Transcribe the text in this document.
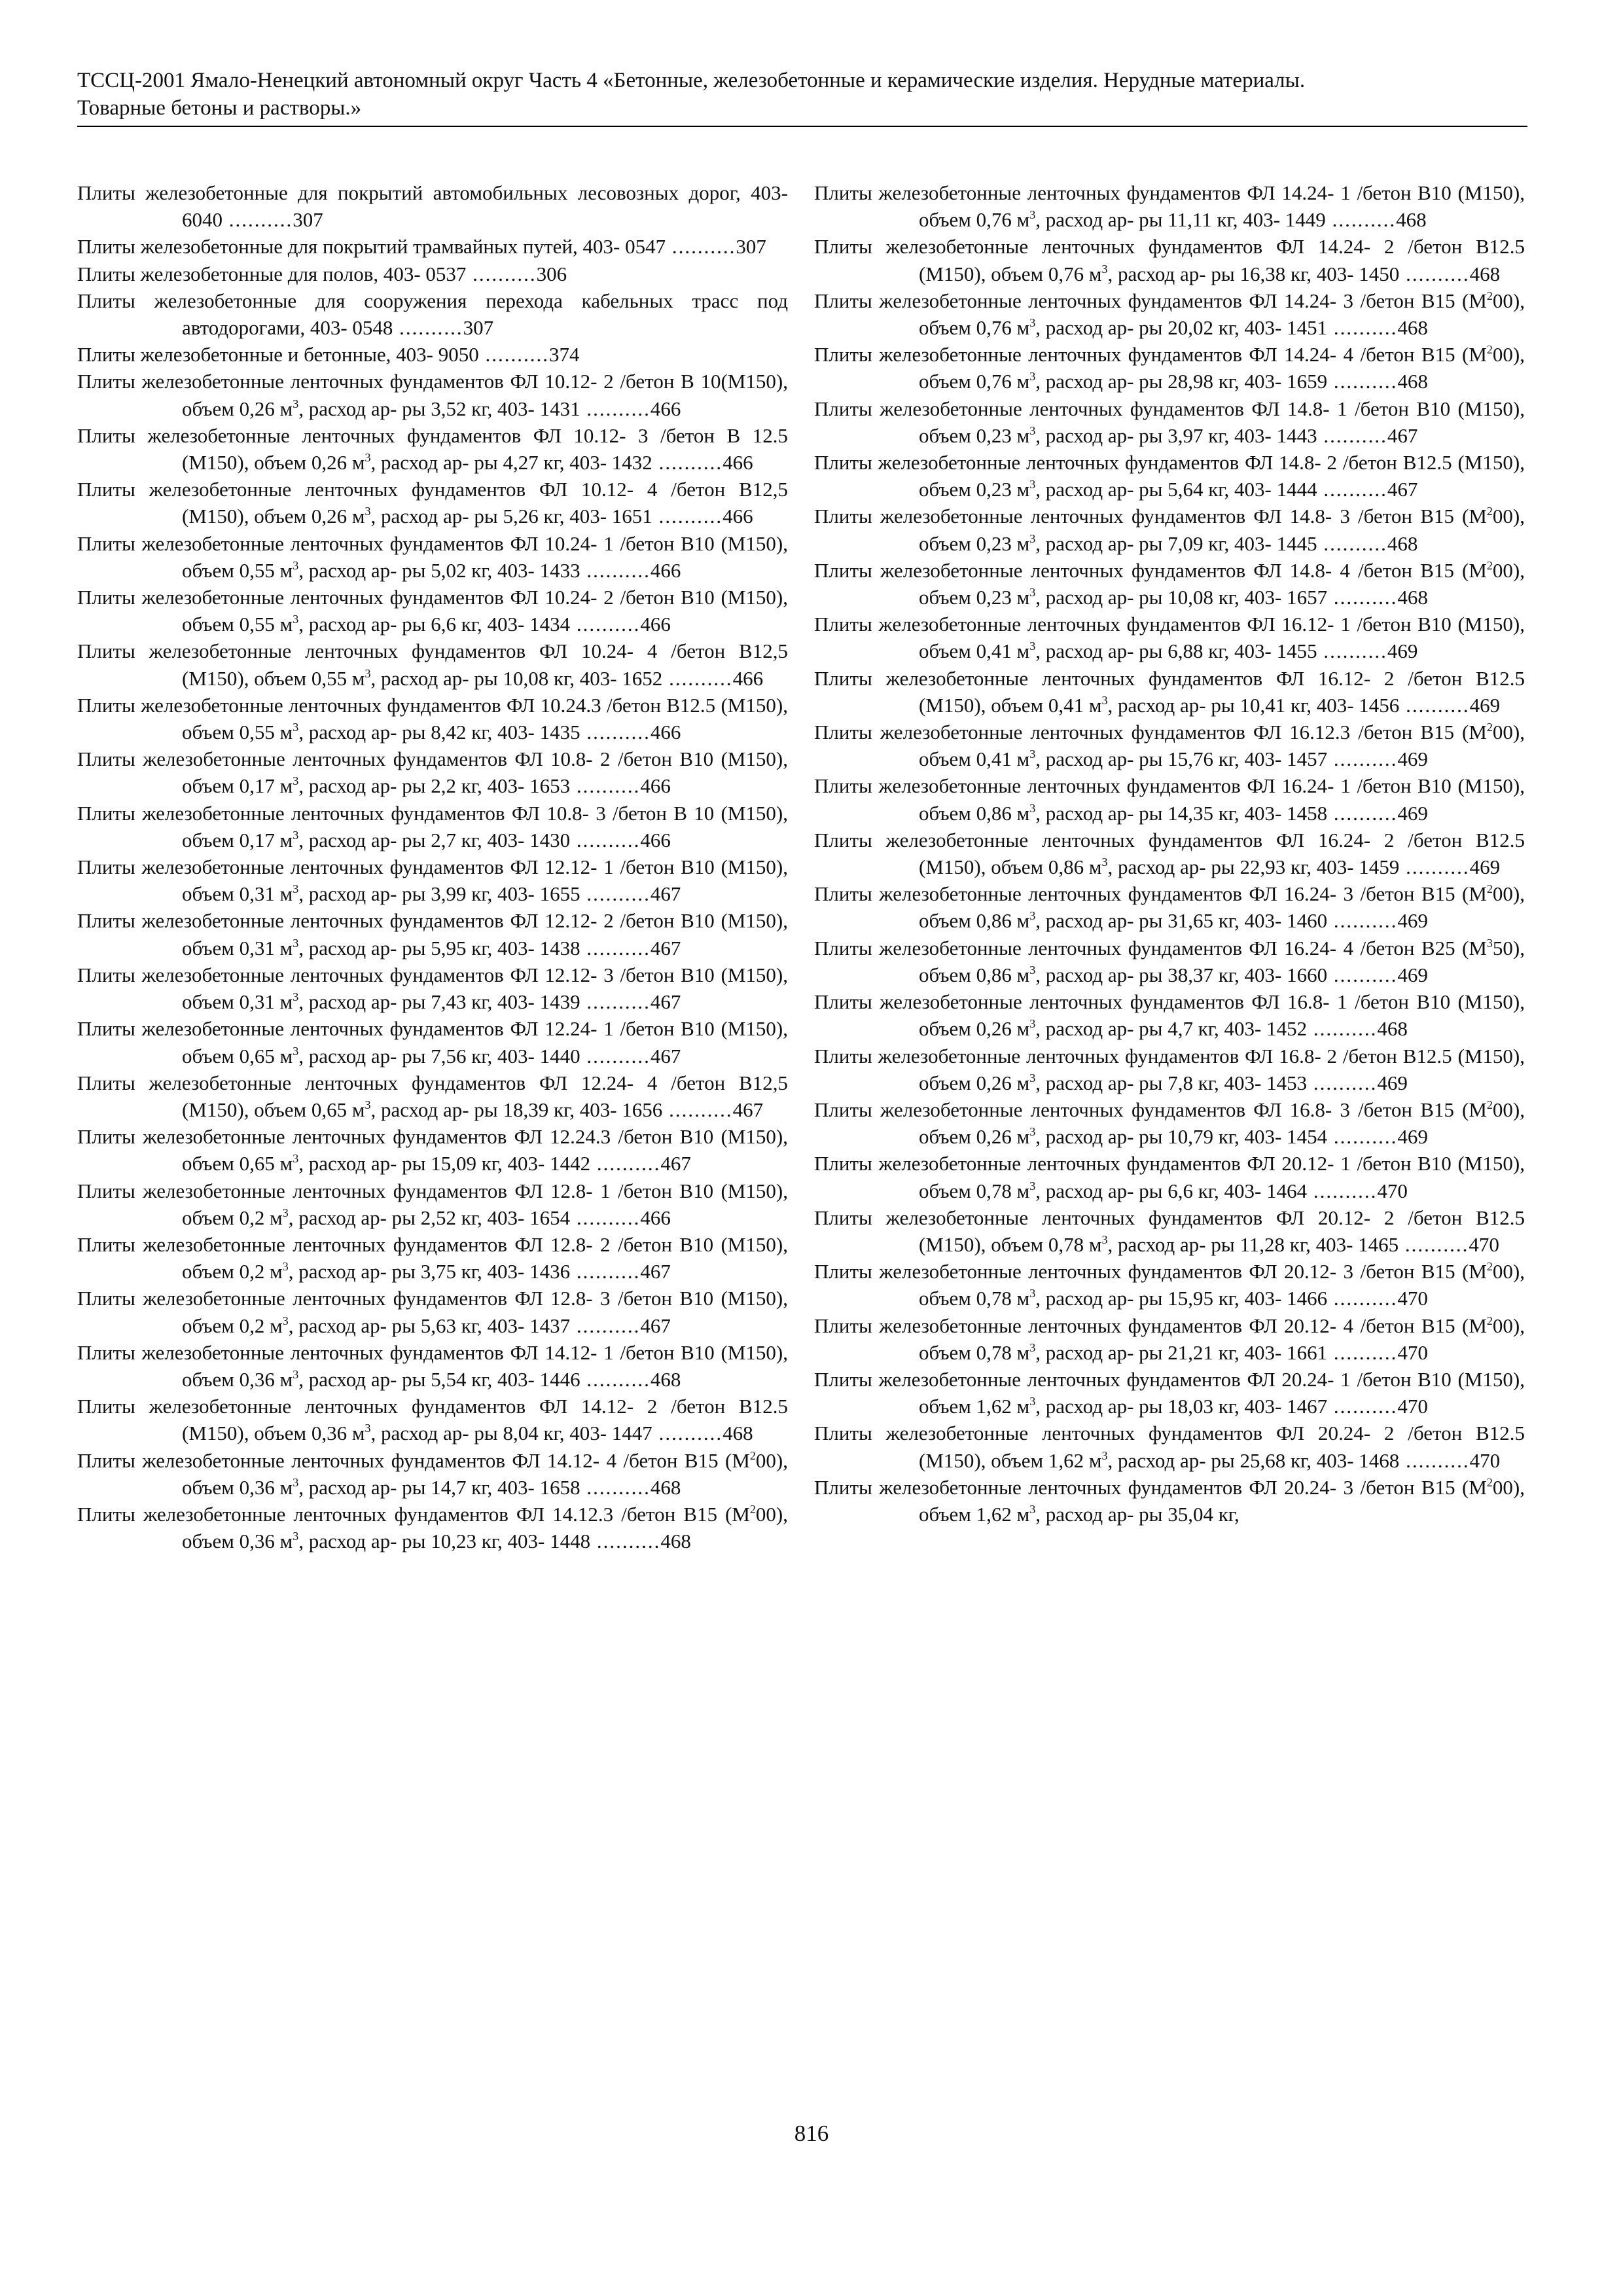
ТССЦ-2001 Ямало-Ненецкий автономный округ Часть 4 «Бетонные, железобетонные и керамические изделия. Нерудные материалы.
Товарные бетоны и растворы.»
Плиты железобетонные для покрытий автомобильных лесовозных дорог, 403- 6040 ..........307
Плиты железобетонные для покрытий трамвайных путей, 403- 0547 ..........307
Плиты железобетонные для полов, 403- 0537 ..........306
Плиты железобетонные для сооружения перехода кабельных трасс под автодорогами, 403- 0548 ..........307
Плиты железобетонные и бетонные, 403- 9050 ..........374
Плиты железобетонные ленточных фундаментов ФЛ 10.12- 2 /бетон В 10(М150), объем 0,26 $м^3$, расход ар- ры 3,52 кг, 403- 1431 ..........466
Плиты железобетонные ленточных фундаментов ФЛ 10.12- 3 /бетон В 12.5 (М150), объем 0,26 $м^3$, расход ар- ры 4,27 кг, 403- 1432 ..........466
Плиты железобетонные ленточных фундаментов ФЛ 10.12- 4 /бетон В12,5 (М150), объем 0,26 $м^3$, расход ар- ры 5,26 кг, 403- 1651 ..........466
Плиты железобетонные ленточных фундаментов ФЛ 10.24- 1 /бетон В10 (М150), объем 0,55 $м^3$, расход ар- ры 5,02 кг, 403- 1433 ..........466
Плиты железобетонные ленточных фундаментов ФЛ 10.24- 2 /бетон В10 (М150), объем 0,55 $м^3$, расход ар- ры 6,6 кг, 403- 1434 ..........466
Плиты железобетонные ленточных фундаментов ФЛ 10.24- 4 /бетон В12,5 (М150), объем 0,55 $м^3$, расход ар- ры 10,08 кг, 403- 1652 ..........466
Плиты железобетонные ленточных фундаментов ФЛ 10.24.3 /бетон В12.5 (М150), объем 0,55 $м^3$, расход ар- ры 8,42 кг, 403- 1435 ..........466
Плиты железобетонные ленточных фундаментов ФЛ 10.8- 2 /бетон В10 (М150), объем 0,17 $м^3$, расход ар- ры 2,2 кг, 403- 1653 ..........466
Плиты железобетонные ленточных фундаментов ФЛ 10.8- 3 /бетон В 10 (М150), объем 0,17 $м^3$, расход ар- ры 2,7 кг, 403- 1430 ..........466
Плиты железобетонные ленточных фундаментов ФЛ 12.12- 1 /бетон В10 (М150), объем 0,31 $м^3$, расход ар- ры 3,99 кг, 403- 1655 ..........467
Плиты железобетонные ленточных фундаментов ФЛ 12.12- 2 /бетон В10 (М150), объем 0,31 $м^3$, расход ар- ры 5,95 кг, 403- 1438 ..........467
Плиты железобетонные ленточных фундаментов ФЛ 12.12- 3 /бетон В10 (М150), объем 0,31 $м^3$, расход ар- ры 7,43 кг, 403- 1439 ..........467
Плиты железобетонные ленточных фундаментов ФЛ 12.24- 1 /бетон В10 (М150), объем 0,65 $м^3$, расход ар- ры 7,56 кг, 403- 1440 ..........467
Плиты железобетонные ленточных фундаментов ФЛ 12.24- 4 /бетон В12,5 (М150), объем 0,65 $м^3$, расход ар- ры 18,39 кг, 403- 1656 ..........467
Плиты железобетонные ленточных фундаментов ФЛ 12.24.3 /бетон В10 (М150), объем 0,65 $м^3$, расход ар- ры 15,09 кг, 403- 1442 ..........467
Плиты железобетонные ленточных фундаментов ФЛ 12.8- 1 /бетон В10 (М150), объем 0,2 $м^3$, расход ар- ры 2,52 кг, 403- 1654 ..........466
Плиты железобетонные ленточных фундаментов ФЛ 12.8- 2 /бетон В10 (М150), объем 0,2 $м^3$, расход ар- ры 3,75 кг, 403- 1436 ..........467
Плиты железобетонные ленточных фундаментов ФЛ 12.8- 3 /бетон В10 (М150), объем 0,2 $м^3$, расход ар- ры 5,63 кг, 403- 1437 ..........467
Плиты железобетонные ленточных фундаментов ФЛ 14.12- 1 /бетон В10 (М150), объем 0,36 $м^3$, расход ар- ры 5,54 кг, 403- 1446 ..........468
Плиты железобетонные ленточных фундаментов ФЛ 14.12- 2 /бетон В12.5 (М150), объем 0,36 $м^3$, расход ар- ры 8,04 кг, 403- 1447 ..........468
Плиты железобетонные ленточных фундаментов ФЛ 14.12- 4 /бетон В15 $(М^200)$, объем 0,36 $м^3$, расход ар- ры 14,7 кг, 403- 1658 ..........468
Плиты железобетонные ленточных фундаментов ФЛ 14.12.3 /бетон В15 $(М^200)$, объем 0,36 $м^3$, расход ар- ры 10,23 кг, 403- 1448 ..........468
Плиты железобетонные ленточных фундаментов ФЛ 14.24- 1 /бетон В10 (М150), объем 0,76 $м^3$, расход ар- ры 11,11 кг, 403- 1449 ..........468
Плиты железобетонные ленточных фундаментов ФЛ 14.24- 2 /бетон В12.5 (М150), объем 0,76 $м^3$, расход ар- ры 16,38 кг, 403- 1450 ..........468
Плиты железобетонные ленточных фундаментов ФЛ 14.24- 3 /бетон В15 $(М^200)$, объем 0,76 $м^3$, расход ар- ры 20,02 кг, 403- 1451 ..........468
Плиты железобетонные ленточных фундаментов ФЛ 14.24- 4 /бетон В15 $(М^200)$, объем 0,76 $м^3$, расход ар- ры 28,98 кг, 403- 1659 ..........468
Плиты железобетонные ленточных фундаментов ФЛ 14.8- 1 /бетон В10 (М150), объем 0,23 $м^3$, расход ар- ры 3,97 кг, 403- 1443 ..........467
Плиты железобетонные ленточных фундаментов ФЛ 14.8- 2 /бетон В12.5 (М150), объем 0,23 $м^3$, расход ар- ры 5,64 кг, 403- 1444 ..........467
Плиты железобетонные ленточных фундаментов ФЛ 14.8- 3 /бетон В15 $(М^200)$, объем 0,23 $м^3$, расход ар- ры 7,09 кг, 403- 1445 ..........468
Плиты железобетонные ленточных фундаментов ФЛ 14.8- 4 /бетон В15 $(М^200)$, объем 0,23 $м^3$, расход ар- ры 10,08 кг, 403- 1657 ..........468
Плиты железобетонные ленточных фундаментов ФЛ 16.12- 1 /бетон В10 (М150), объем 0,41 $м^3$, расход ар- ры 6,88 кг, 403- 1455 ..........469
Плиты железобетонные ленточных фундаментов ФЛ 16.12- 2 /бетон В12.5 (М150), объем 0,41 $м^3$, расход ар- ры 10,41 кг, 403- 1456 ..........469
Плиты железобетонные ленточных фундаментов ФЛ 16.12.3 /бетон В15 $(М^200)$, объем 0,41 $м^3$, расход ар- ры 15,76 кг, 403- 1457 ..........469
Плиты железобетонные ленточных фундаментов ФЛ 16.24- 1 /бетон В10 (М150), объем 0,86 $м^3$, расход ар- ры 14,35 кг, 403- 1458 ..........469
Плиты железобетонные ленточных фундаментов ФЛ 16.24- 2 /бетон В12.5 (М150), объем 0,86 $м^3$, расход ар- ры 22,93 кг, 403- 1459 ..........469
Плиты железобетонные ленточных фундаментов ФЛ 16.24- 3 /бетон В15 $(М^200)$, объем 0,86 $м^3$, расход ар- ры 31,65 кг, 403- 1460 ..........469
Плиты железобетонные ленточных фундаментов ФЛ 16.24- 4 /бетон В25 $(М^350)$, объем 0,86 $м^3$, расход ар- ры 38,37 кг, 403- 1660 ..........469
Плиты железобетонные ленточных фундаментов ФЛ 16.8- 1 /бетон В10 (М150), объем 0,26 $м^3$, расход ар- ры 4,7 кг, 403- 1452 ..........468
Плиты железобетонные ленточных фундаментов ФЛ 16.8- 2 /бетон В12.5 (М150), объем 0,26 $м^3$, расход ар- ры 7,8 кг, 403- 1453 ..........469
Плиты железобетонные ленточных фундаментов ФЛ 16.8- 3 /бетон В15 $(М^200)$, объем 0,26 $м^3$, расход ар- ры 10,79 кг, 403- 1454 ..........469
Плиты железобетонные ленточных фундаментов ФЛ 20.12- 1 /бетон В10 (М150), объем 0,78 $м^3$, расход ар- ры 6,6 кг, 403- 1464 ..........470
Плиты железобетонные ленточных фундаментов ФЛ 20.12- 2 /бетон В12.5 (М150), объем 0,78 $м^3$, расход ар- ры 11,28 кг, 403- 1465 ..........470
Плиты железобетонные ленточных фундаментов ФЛ 20.12- 3 /бетон В15 $(М^200)$, объем 0,78 $м^3$, расход ар- ры 15,95 кг, 403- 1466 ..........470
Плиты железобетонные ленточных фундаментов ФЛ 20.12- 4 /бетон В15 $(М^200)$, объем 0,78 $м^3$, расход ар- ры 21,21 кг, 403- 1661 ..........470
Плиты железобетонные ленточных фундаментов ФЛ 20.24- 1 /бетон В10 (М150), объем 1,62 $м^3$, расход ар- ры 18,03 кг, 403- 1467 ..........470
Плиты железобетонные ленточных фундаментов ФЛ 20.24- 2 /бетон В12.5 (М150), объем 1,62 $м^3$, расход ар- ры 25,68 кг, 403- 1468 ..........470
Плиты железобетонные ленточных фундаментов ФЛ 20.24- 3 /бетон В15 $(М^200)$, объем 1,62 $м^3$, расход ар- ры 35,04 кг,
816
